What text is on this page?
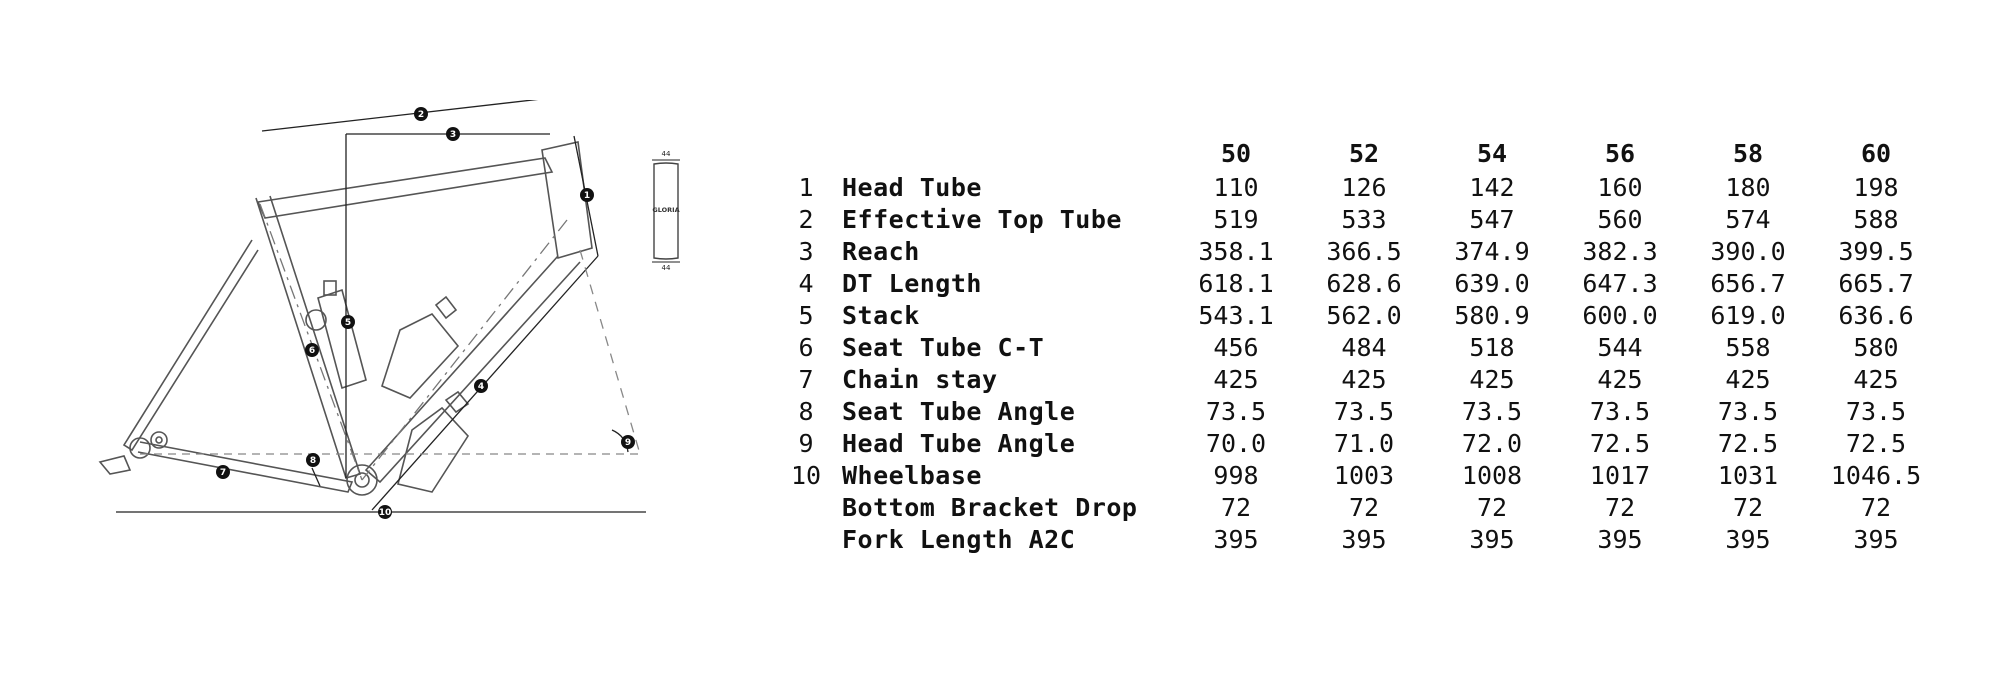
1
2
3
4
5
6
7
8
9
10
44
44
GLORIA
		50	52	54	56	58	60
1	Head Tube	110	126	142	160	180	198
2	Effective Top Tube	519	533	547	560	574	588
3	Reach	358.1	366.5	374.9	382.3	390.0	399.5
4	DT Length	618.1	628.6	639.0	647.3	656.7	665.7
5	Stack	543.1	562.0	580.9	600.0	619.0	636.6
6	Seat Tube C-T	456	484	518	544	558	580
7	Chain stay	425	425	425	425	425	425
8	Seat Tube Angle	73.5	73.5	73.5	73.5	73.5	73.5
9	Head Tube Angle	70.0	71.0	72.0	72.5	72.5	72.5
10	Wheelbase	998	1003	1008	1017	1031	1046.5
	Bottom Bracket Drop	72	72	72	72	72	72
	Fork Length A2C	395	395	395	395	395	395
